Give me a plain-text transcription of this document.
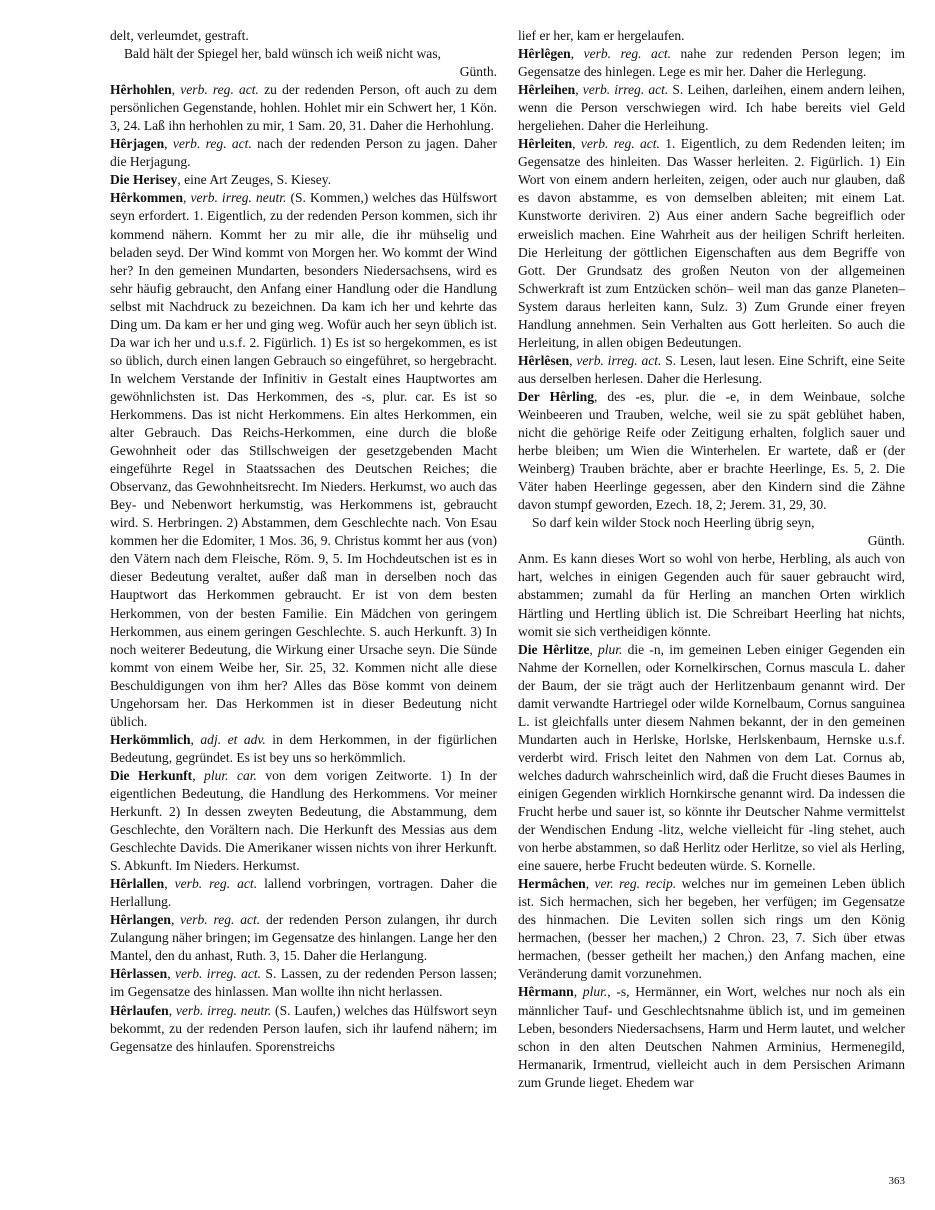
delt, verleumdet, gestraft.

Bald hält der Spiegel her, bald wünsch ich weiß nicht was,

Günth.

Hêrhohlen, verb. reg. act. zu der redenden Person, oft auch zu dem persönlichen Gegenstande, hohlen. Hohlet mir ein Schwert her, 1 Kön. 3, 24. Laß ihn herhohlen zu mir, 1 Sam. 20, 31. Daher die Herhohlung.

Hêrjagen, verb. reg. act. nach der redenden Person zu jagen. Daher die Herjagung.

Die Herisey, eine Art Zeuges, S. Kiesey.

Hêrkommen, verb. irreg. neutr. (S. Kommen,) welches das Hülfswort seyn erfordert. 1. Eigentlich, zu der redenden Person kommen, sich ihr kommend nähern. Kommt her zu mir alle, die ihr mühselig und beladen seyd. Der Wind kommt von Morgen her. Wo kommt der Wind her? In den gemeinen Mundarten, besonders Niedersachsens, wird es sehr häufig gebraucht, den Anfang einer Handlung oder die Handlung selbst mit Nachdruck zu bezeichnen. Da kam ich her und kehrte das Ding um. Da kam er her und ging weg. Wofür auch her seyn üblich ist. Da war ich her und u.s.f. 2. Figürlich. 1) Es ist so hergekommen, es ist so üblich, durch einen langen Gebrauch so eingeführet, so hergebracht. In welchem Verstande der Infinitiv in Gestalt eines Hauptwortes am gewöhnlichsten ist. Das Herkommen, des -s, plur. car. Es ist so Herkommens. Das ist nicht Herkommens. Ein altes Herkommen, ein alter Gebrauch. Das Reichs-Herkommen, eine durch die bloße Gewohnheit oder das Stillschweigen der gesetzgebenden Macht eingeführte Regel in Staatssachen des Deutschen Reiches; die Observanz, das Gewohnheitsrecht. Im Nieders. Herkumst, wo auch das Bey- und Nebenwort herkumstig, was Herkommens ist, gebraucht wird. S. Herbringen. 2) Abstammen, dem Geschlechte nach. Von Esau kommen her die Edomiter, 1 Mos. 36, 9. Christus kommt her aus (von) den Vätern nach dem Fleische, Röm. 9, 5. Im Hochdeutschen ist es in dieser Bedeutung veraltet, außer daß man in derselben noch das Hauptwort das Herkommen gebraucht. Er ist von dem besten Herkommen, von der besten Familie. Ein Mädchen von geringem Herkommen, aus einem geringen Geschlechte. S. auch Herkunft. 3) In noch weiterer Bedeutung, die Wirkung einer Ursache seyn. Die Sünde kommt von einem Weibe her, Sir. 25, 32. Kommen nicht alle diese Beschuldigungen von ihm her? Alles das Böse kommt von deinem Ungehorsam her. Das Herkommen ist in dieser Bedeutung nicht üblich.

Herkömmlich, adj. et adv. in dem Herkommen, in der figürlichen Bedeutung, gegründet. Es ist bey uns so herkömmlich.

Die Herkunft, plur. car. von dem vorigen Zeitworte. 1) In der eigentlichen Bedeutung, die Handlung des Herkommens. Vor meiner Herkunft. 2) In dessen zweyten Bedeutung, die Abstammung, dem Geschlechte, den Vorältern nach. Die Herkunft des Messias aus dem Geschlechte Davids. Die Amerikaner wissen nichts von ihrer Herkunft. S. Abkunft. Im Nieders. Herkumst.

Hêrlallen, verb. reg. act. lallend vorbringen, vortragen. Daher die Herlallung.

Hêrlangen, verb. reg. act. der redenden Person zulangen, ihr durch Zulangung näher bringen; im Gegensatze des hinlangen. Lange her den Mantel, den du anhast, Ruth. 3, 15. Daher die Herlangung.

Hêrlassen, verb. irreg. act. S. Lassen, zu der redenden Person lassen; im Gegensatze des hinlassen. Man wollte ihn nicht herlassen.

Hêrlaufen, verb. irreg. neutr. (S. Laufen,) welches das Hülfswort seyn bekommt, zu der redenden Person laufen, sich ihr laufend nähern; im Gegensatze des hinlaufen. Sporenstreichs

lief er her, kam er hergelaufen.

Hêrlêgen, verb. reg. act. nahe zur redenden Person legen; im Gegensatze des hinlegen. Lege es mir her. Daher die Herlegung.

Hêrleihen, verb. irreg. act. S. Leihen, darleihen, einem andern leihen, wenn die Person verschwiegen wird. Ich habe bereits viel Geld hergeliehen. Daher die Herleihung.

Hêrleiten, verb. reg. act. 1. Eigentlich, zu dem Redenden leiten; im Gegensatze des hinleiten. Das Wasser herleiten. 2. Figürlich. 1) Ein Wort von einem andern herleiten, zeigen, oder auch nur glauben, daß es davon abstamme, es von demselben ableiten; mit einem Lat. Kunstworte deriviren. 2) Aus einer andern Sache begreiflich oder erweislich machen. Eine Wahrheit aus der heiligen Schrift herleiten. Die Herleitung der göttlichen Eigenschaften aus dem Begriffe von Gott. Der Grundsatz des großen Neuton von der allgemeinen Schwerkraft ist zum Entzücken schön– weil man das ganze Planeten– System daraus herleiten kann, Sulz. 3) Zum Grunde einer freyen Handlung annehmen. Sein Verhalten aus Gott herleiten. So auch die Herleitung, in allen obigen Bedeutungen.

Hêrlêsen, verb. irreg. act. S. Lesen, laut lesen. Eine Schrift, eine Seite aus derselben herlesen. Daher die Herlesung.

Der Hêrling, des -es, plur. die -e, in dem Weinbaue, solche Weinbeeren und Trauben, welche, weil sie zu spät geblühet haben, nicht die gehörige Reife oder Zeitigung erhalten, folglich sauer und herbe bleiben; um Wien die Winterhelen. Er wartete, daß er (der Weinberg) Trauben brächte, aber er brachte Heerlinge, Es. 5, 2. Die Väter haben Heerlinge gegessen, aber den Kindern sind die Zähne davon stumpf geworden, Ezech. 18, 2; Jerem. 31, 29, 30.

So darf kein wilder Stock noch Heerling übrig seyn,

Günth.

Anm. Es kann dieses Wort so wohl von herbe, Herbling, als auch von hart, welches in einigen Gegenden auch für sauer gebraucht wird, abstammen; zumahl da für Herling an manchen Orten wirklich Härtling und Hertling üblich ist. Die Schreibart Heerling hat nichts, womit sie sich vertheidigen könnte.

Die Hêrlitze, plur. die -n, im gemeinen Leben einiger Gegenden ein Nahme der Kornellen, oder Kornelkirschen, Cornus mascula L. daher der Baum, der sie trägt auch der Herlitzenbaum genannt wird. Der damit verwandte Hartriegel oder wilde Kornelbaum, Cornus sanguinea L. ist gleichfalls unter diesem Nahmen bekannt, der in den gemeinen Mundarten auch in Herlske, Horlske, Herlskenbaum, Hernske u.s.f. verderbt wird. Frisch leitet den Nahmen von dem Lat. Cornus ab, welches dadurch wahrscheinlich wird, daß die Frucht dieses Baumes in einigen Gegenden wirklich Hornkirsche genannt wird. Da indessen die Frucht herbe und sauer ist, so könnte ihr Deutscher Nahme vermittelst der Wendischen Endung -litz, welche vielleicht für -ling stehet, auch von herbe abstammen, so daß Herlitz oder Herlitze, so viel als Herling, eine sauere, herbe Frucht bedeuten würde. S. Kornelle.

Hermâchen, ver. reg. recip. welches nur im gemeinen Leben üblich ist. Sich hermachen, sich her begeben, her verfügen; im Gegensatze des hinmachen. Die Leviten sollen sich rings um den König hermachen, (besser her machen,) 2 Chron. 23, 7. Sich über etwas hermachen, (besser getheilt her machen,) den Anfang machen, eine Veränderung damit vorzunehmen.

Hêrmann, plur., -s, Hermänner, ein Wort, welches nur noch als ein männlicher Tauf- und Geschlechtsnahme üblich ist, und im gemeinen Leben, besonders Niedersachsens, Harm und Herm lautet, und welcher schon in den alten Deutschen Nahmen Arminius, Hermenegild, Hermanarik, Irmentrud, vielleicht auch in dem Persischen Arimann zum Grunde lieget. Ehedem war

363
